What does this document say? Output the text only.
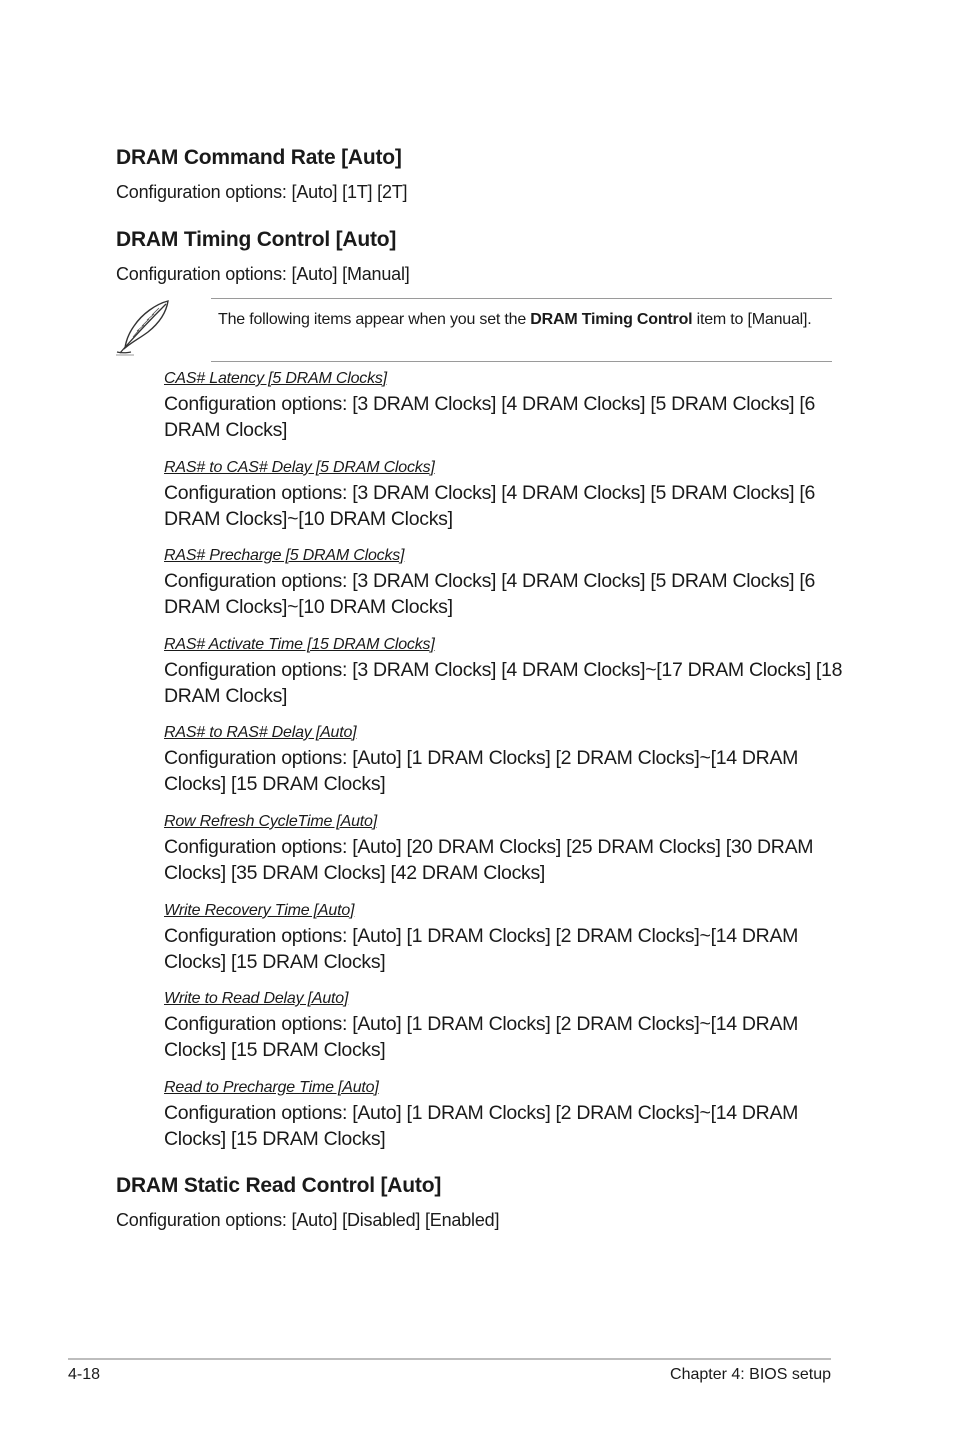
DRAM Command Rate [Auto]
Configuration options: [Auto] [1T] [2T]
DRAM Timing Control [Auto]
Configuration options: [Auto] [Manual]
The following items appear when you set the DRAM Timing Control item to [Manual].
CAS# Latency [5 DRAM Clocks]
Configuration options: [3 DRAM Clocks] [4 DRAM Clocks] [5 DRAM Clocks] [6 DRAM Clocks]
RAS# to CAS# Delay [5 DRAM Clocks]
Configuration options: [3 DRAM Clocks] [4 DRAM Clocks] [5 DRAM Clocks] [6 DRAM Clocks]~[10 DRAM Clocks]
RAS# Precharge [5 DRAM Clocks]
Configuration options: [3 DRAM Clocks] [4 DRAM Clocks] [5 DRAM Clocks] [6 DRAM Clocks]~[10 DRAM Clocks]
RAS# Activate Time [15 DRAM Clocks]
Configuration options: [3 DRAM Clocks] [4 DRAM Clocks]~[17 DRAM Clocks] [18 DRAM Clocks]
RAS# to RAS# Delay [Auto]
Configuration options: [Auto] [1 DRAM Clocks] [2 DRAM Clocks]~[14 DRAM Clocks] [15 DRAM Clocks]
Row Refresh CycleTime [Auto]
Configuration options: [Auto] [20 DRAM Clocks] [25 DRAM Clocks] [30 DRAM Clocks] [35 DRAM Clocks] [42 DRAM Clocks]
Write Recovery Time [Auto]
Configuration options: [Auto] [1 DRAM Clocks] [2 DRAM Clocks]~[14 DRAM Clocks] [15 DRAM Clocks]
Write to Read Delay [Auto]
Configuration options: [Auto] [1 DRAM Clocks] [2 DRAM Clocks]~[14 DRAM Clocks] [15 DRAM Clocks]
Read to Precharge Time [Auto]
Configuration options: [Auto] [1 DRAM Clocks] [2 DRAM Clocks]~[14 DRAM Clocks] [15 DRAM Clocks]
DRAM Static Read Control [Auto]
Configuration options: [Auto] [Disabled] [Enabled]
4-18	Chapter 4: BIOS setup
